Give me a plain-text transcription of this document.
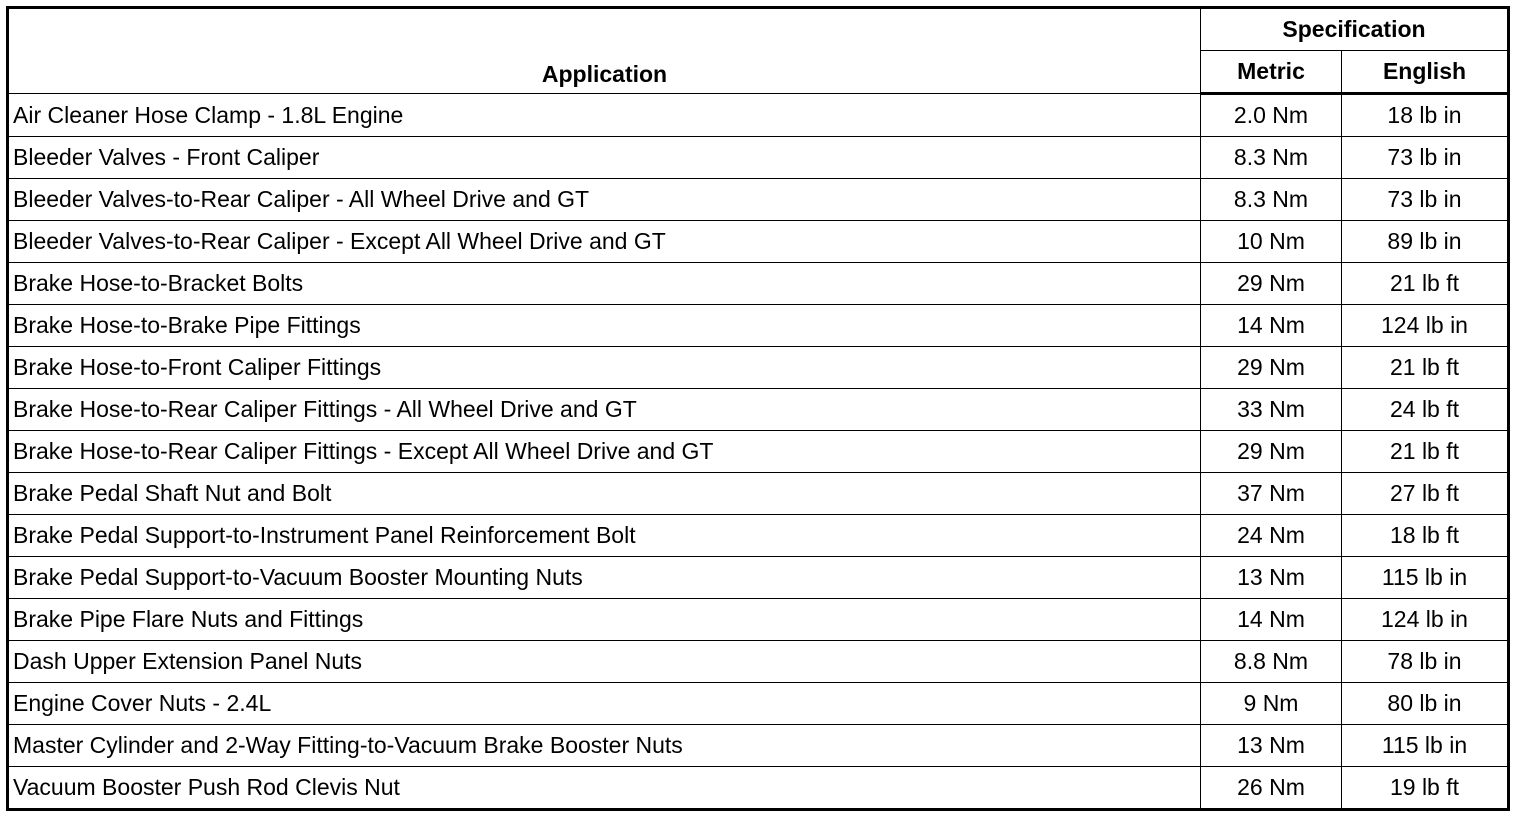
Application	Specification	
	Metric	English
Air Cleaner Hose Clamp - 1.8L Engine	2.0 Nm	18 lb in
Bleeder Valves - Front Caliper	8.3 Nm	73 lb in
Bleeder Valves-to-Rear Caliper - All Wheel Drive and GT	8.3 Nm	73 lb in
Bleeder Valves-to-Rear Caliper - Except All Wheel Drive and GT	10 Nm	89 lb in
Brake Hose-to-Bracket Bolts	29 Nm	21 lb ft
Brake Hose-to-Brake Pipe Fittings	14 Nm	124 lb in
Brake Hose-to-Front Caliper Fittings	29 Nm	21 lb ft
Brake Hose-to-Rear Caliper Fittings - All Wheel Drive and GT	33 Nm	24 lb ft
Brake Hose-to-Rear Caliper Fittings - Except All Wheel Drive and GT	29 Nm	21 lb ft
Brake Pedal Shaft Nut and Bolt	37 Nm	27 lb ft
Brake Pedal Support-to-Instrument Panel Reinforcement Bolt	24 Nm	18 lb ft
Brake Pedal Support-to-Vacuum Booster Mounting Nuts	13 Nm	115 lb in
Brake Pipe Flare Nuts and Fittings	14 Nm	124 lb in
Dash Upper Extension Panel Nuts	8.8 Nm	78 lb in
Engine Cover Nuts - 2.4L	9 Nm	80 lb in
Master Cylinder and 2-Way Fitting-to-Vacuum Brake Booster Nuts	13 Nm	115 lb in
Vacuum Booster Push Rod Clevis Nut	26 Nm	19 lb ft
